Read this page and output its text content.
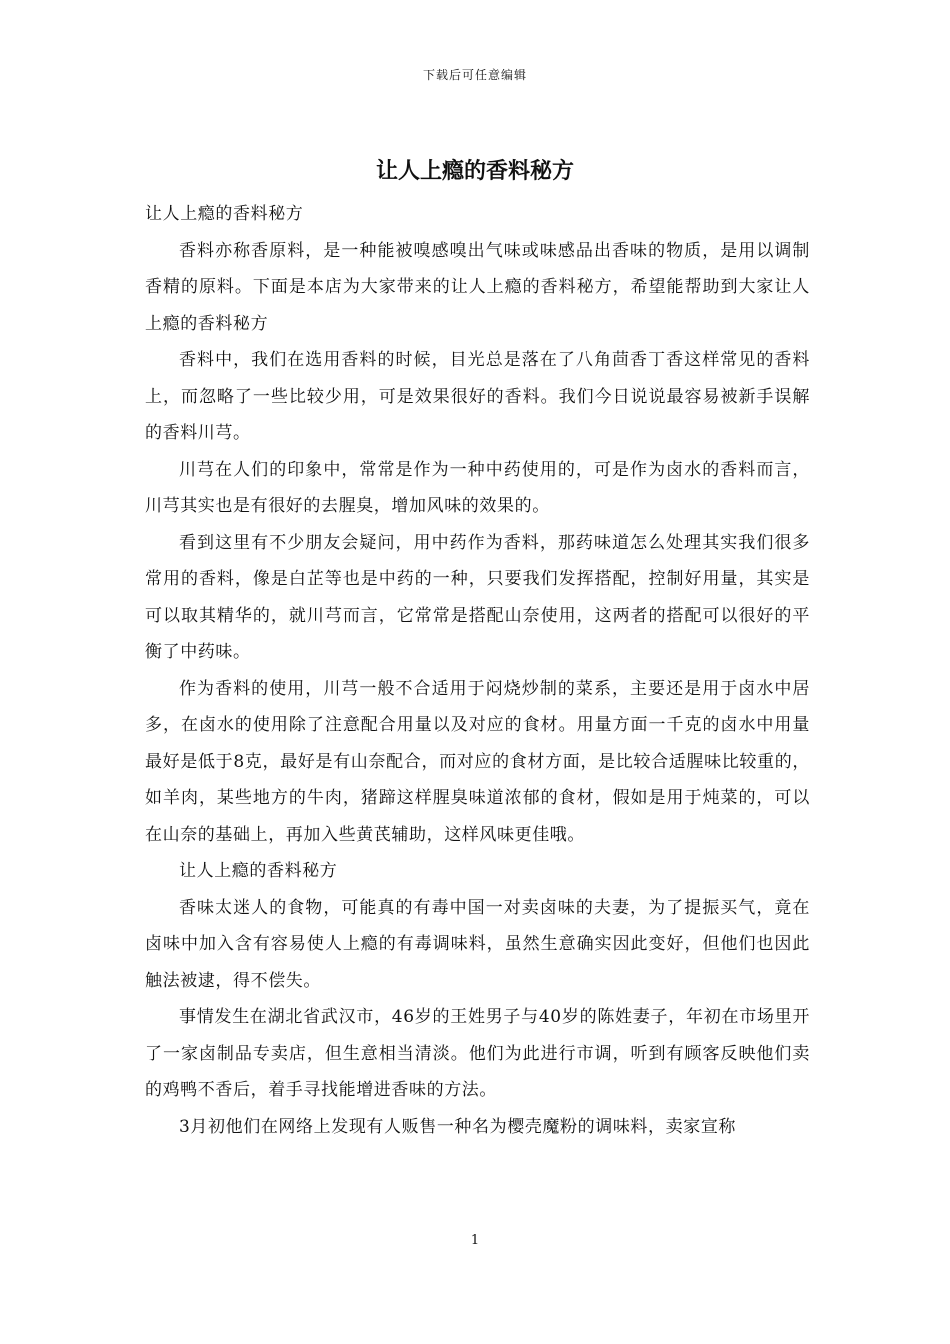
下载后可任意编辑
让人上瘾的香料秘方

让人上瘾的香料秘方

香料亦称香原料，是一种能被嗅感嗅出气味或味感品出香味的物质，是用以调制香精的原料。下面是本店为大家带来的让人上瘾的香料秘方，希望能帮助到大家让人上瘾的香料秘方

香料中，我们在选用香料的时候，目光总是落在了八角茴香丁香这样常见的香料上，而忽略了一些比较少用，可是效果很好的香料。我们今日说说最容易被新手误解的香料川芎。

川芎在人们的印象中，常常是作为一种中药使用的，可是作为卤水的香料而言，川芎其实也是有很好的去腥臭，增加风味的效果的。

看到这里有不少朋友会疑问，用中药作为香料，那药味道怎么处理其实我们很多常用的香料，像是白芷等也是中药的一种，只要我们发挥搭配，控制好用量，其实是可以取其精华的，就川芎而言，它常常是搭配山奈使用，这两者的搭配可以很好的平衡了中药味。

作为香料的使用，川芎一般不合适用于闷烧炒制的菜系，主要还是用于卤水中居多，在卤水的使用除了注意配合用量以及对应的食材。用量方面一千克的卤水中用量最好是低于8克，最好是有山奈配合，而对应的食材方面，是比较合适腥味比较重的，如羊肉，某些地方的牛肉，猪蹄这样腥臭味道浓郁的食材，假如是用于炖菜的，可以在山奈的基础上，再加入些黄芪辅助，这样风味更佳哦。

让人上瘾的香料秘方

香味太迷人的食物，可能真的有毒中国一对卖卤味的夫妻，为了提振买气，竟在卤味中加入含有容易使人上瘾的有毒调味料，虽然生意确实因此变好，但他们也因此触法被逮，得不偿失。

事情发生在湖北省武汉市，46岁的王姓男子与40岁的陈姓妻子，年初在市场里开了一家卤制品专卖店，但生意相当清淡。他们为此进行市调，听到有顾客反映他们卖的鸡鸭不香后，着手寻找能增进香味的方法。

3月初他们在网络上发现有人贩售一种名为樱壳魔粉的调味料，卖家宣称

1
